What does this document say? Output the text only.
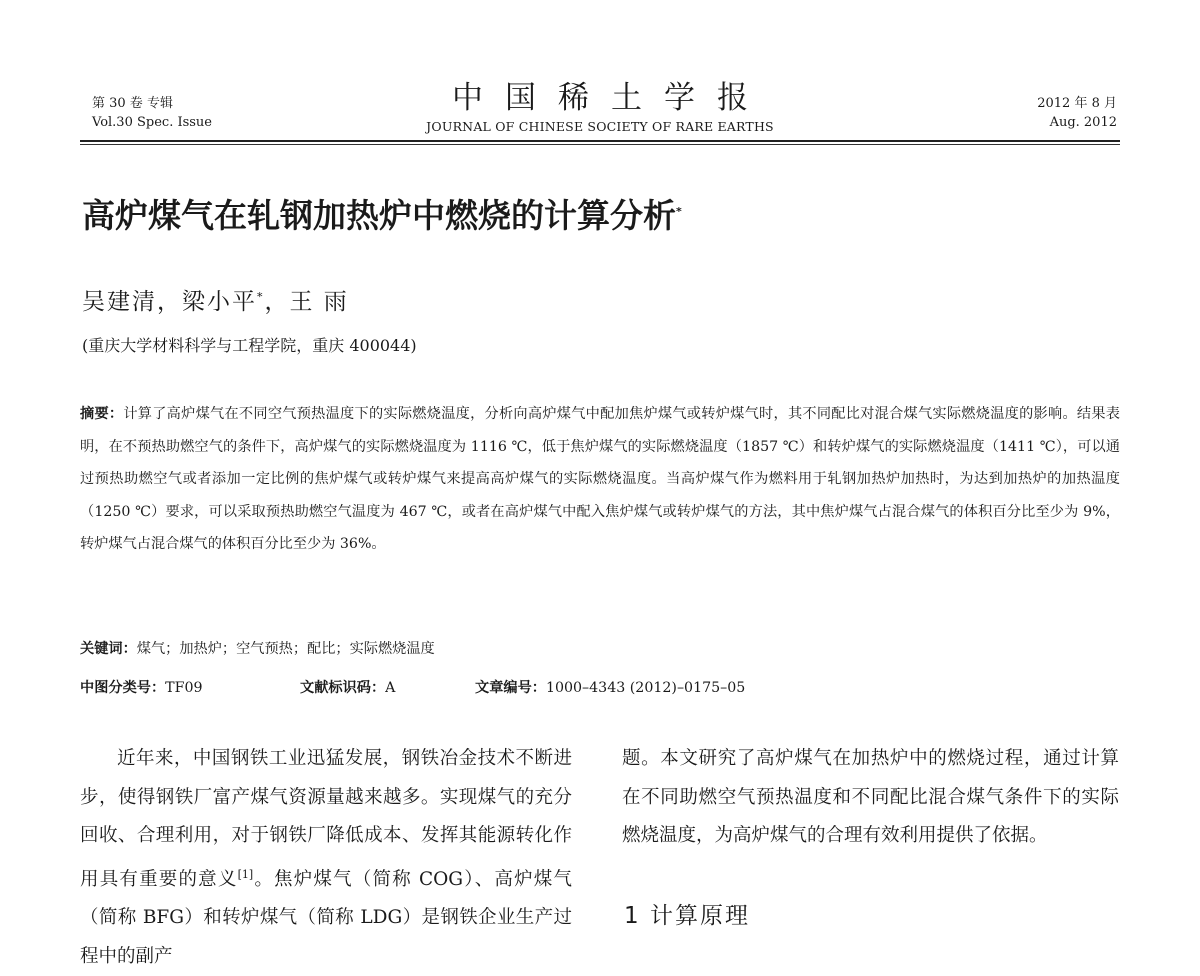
第 30 卷 专辑
Vol.30 Spec. Issue
中国稀土学报
JOURNAL OF CHINESE SOCIETY OF RARE EARTHS
2012 年 8 月
Aug. 2012
高炉煤气在轧钢加热炉中燃烧的计算分析*
吴建清，梁小平*，王 雨
(重庆大学材料科学与工程学院，重庆 400044)
摘要：计算了高炉煤气在不同空气预热温度下的实际燃烧温度，分析向高炉煤气中配加焦炉煤气或转炉煤气时，其不同配比对混合煤气实际燃烧温度的影响。结果表明，在不预热助燃空气的条件下，高炉煤气的实际燃烧温度为 1116 ℃，低于焦炉煤气的实际燃烧温度（1857 ℃）和转炉煤气的实际燃烧温度（1411 ℃），可以通过预热助燃空气或者添加一定比例的焦炉煤气或转炉煤气来提高高炉煤气的实际燃烧温度。当高炉煤气作为燃料用于轧钢加热炉加热时，为达到加热炉的加热温度（1250 ℃）要求，可以采取预热助燃空气温度为 467 ℃，或者在高炉煤气中配入焦炉煤气或转炉煤气的方法，其中焦炉煤气占混合煤气的体积百分比至少为 9%，转炉煤气占混合煤气的体积百分比至少为 36%。
关键词：煤气；加热炉；空气预热；配比；实际燃烧温度
中图分类号：TF09	文献标识码：A	文章编号：1000–4343 (2012)–0175–05
近年来，中国钢铁工业迅猛发展，钢铁冶金技术不断进步，使得钢铁厂富产煤气资源量越来越多。实现煤气的充分回收、合理利用，对于钢铁厂降低成本、发挥其能源转化作用具有重要的意义[1]。焦炉煤气（简称 COG）、高炉煤气（简称 BFG）和转炉煤气（简称 LDG）是钢铁企业生产过程中的副产
题。本文研究了高炉煤气在加热炉中的燃烧过程，通过计算在不同助燃空气预热温度和不同配比混合煤气条件下的实际燃烧温度，为高炉煤气的合理有效利用提供了依据。
1 计算原理
